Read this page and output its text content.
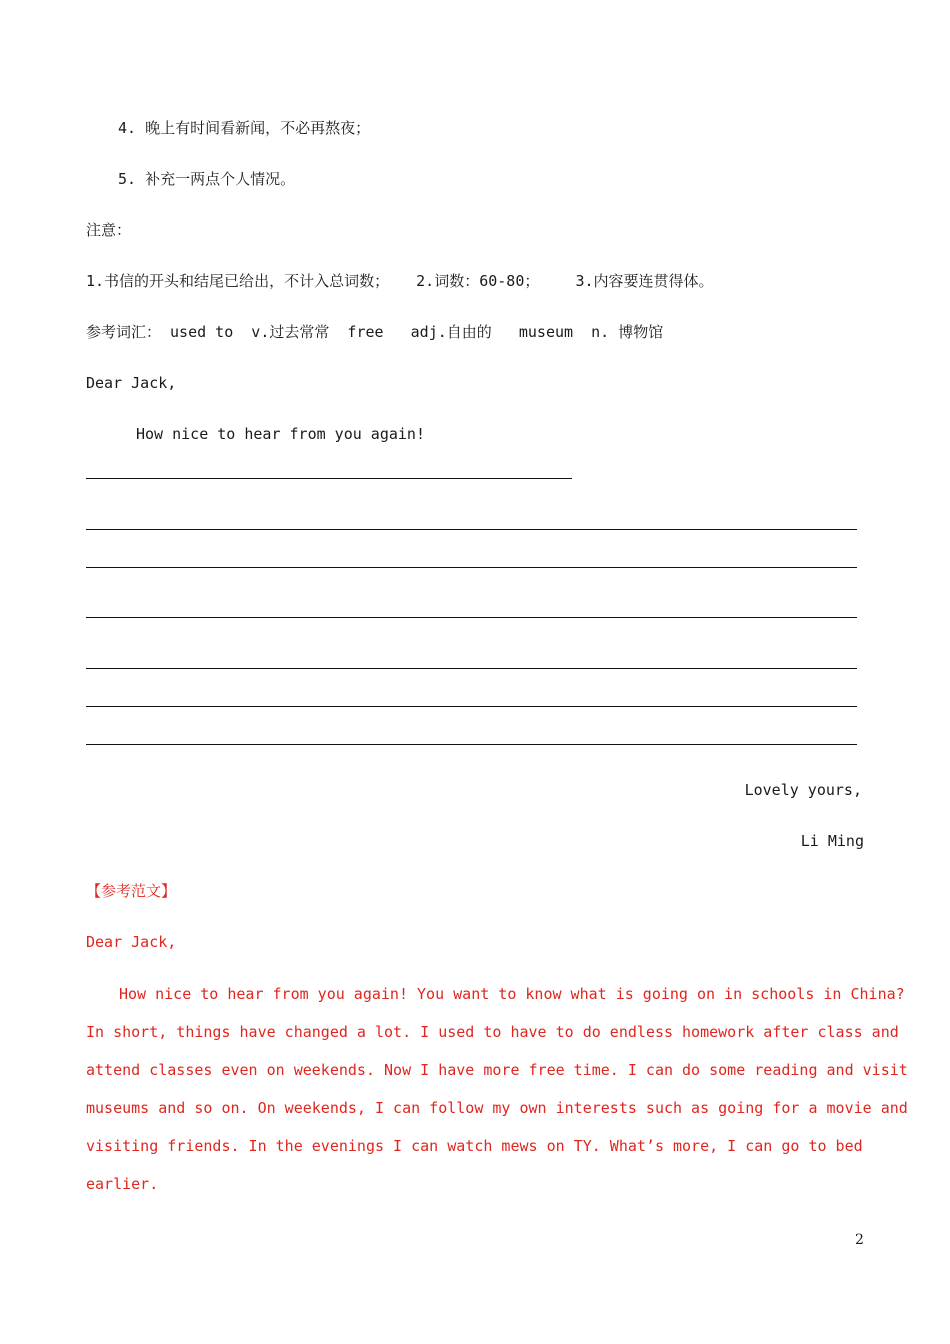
4. 晚上有时间看新闻，不必再熬夜；
5. 补充一两点个人情况。
注意：
1.书信的开头和结尾已给出，不计入总词数；   2.词数：60-80；    3.内容要连贯得体。
参考词汇： used to  v.过去常常  free   adj.自由的   museum  n. 博物馆
Dear Jack,
How nice to hear from you again!
Lovely yours,
Li Ming
【参考范文】
Dear Jack,
How nice to hear from you again! You want to know what is going on in schools in China?
In short, things have changed a lot. I used to have to do endless homework after class and
attend classes even on weekends. Now I have more free time. I can do some reading and visit
museums and so on. On weekends, I can follow my own interests such as going for a movie and
visiting friends. In the evenings I can watch mews on TY. What’s more, I can go to bed
earlier.
2
